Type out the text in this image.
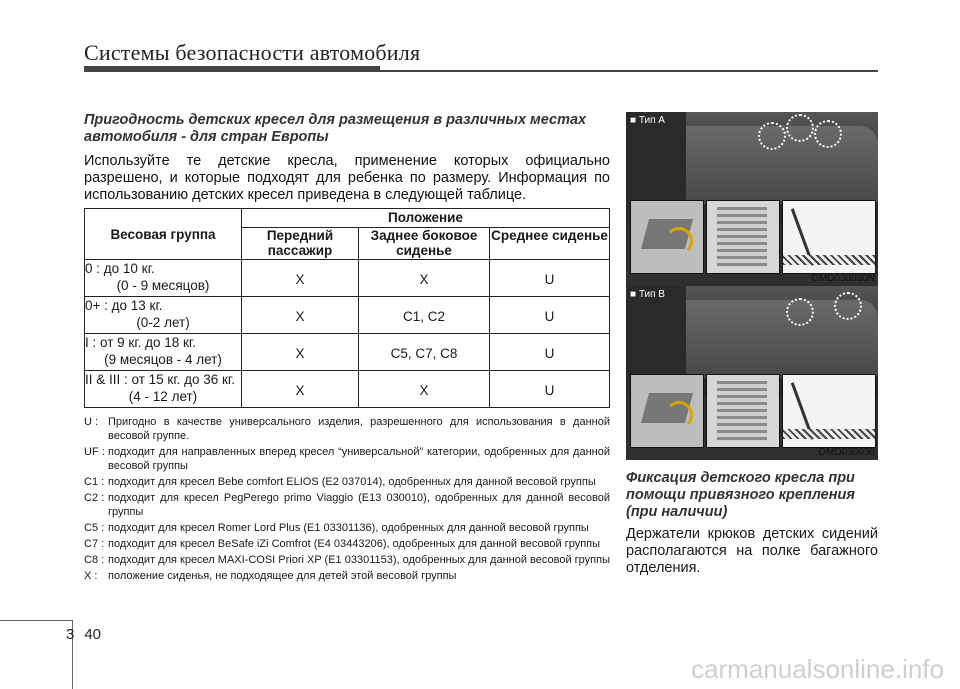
Системы безопасности автомобиля

Пригодность детских кресел для размещения в различных местах автомобиля - для стран Европы

Используйте те детские кресла, применение которых официально разрешено, и которые подходят для ребенка по размеру. Информация по использованию детских кресел приведена в следующей таблице.
Весовая группа	Положение		
	Передний пассажир	Заднее боковое сиденье	Среднее сиденье
0 : до 10 кг.
(0 - 9 месяцов)	X	X	U

0+ : до 13 кг.
(0-2 лет)	X	C1, C2	U

I : от 9 кг. до 18 кг.
(9 месяцов - 4 лет)	X	C5, C7, C8	U

II & III : от 15 кг. до 36 кг.
(4 - 12 лет)	X	X	U
U : Пригодно в качестве универсального изделия, разрешенного для использования в данной весовой группе.
UF : подходит для направленных вперед кресел “универсальной” категории, одобренных для данной весовой группы
C1 : подходит для кресел Bebe comfort ELIOS (E2 037014), одобренных для данной весовой группы
C2 : подходит для кресел PegPerego primo Viaggio (E13 030010), одобренных для данной весовой группы
C5 : подходит для кресел Romer Lord Plus (E1 03301136), одобренных для данной весовой группы
C7 : подходит для кресел BeSafe iZi Comfrot (E4 03443206), одобренных для данной весовой группы
C8 : подходит для кресел MAXI-COSI Priori XP (E1 03301153), одобренных для данной весовой группы
X : положение сиденья, не подходящее для детей этой весовой группы
■ Тип A
OMD030030N
■ Тип B
OMD030030
Фиксация детского кресла при помощи привязного крепления (при наличии)
Держатели крюков детских сидений располагаются на полке багажного отделения.
3 40
carmanualsonline.info
